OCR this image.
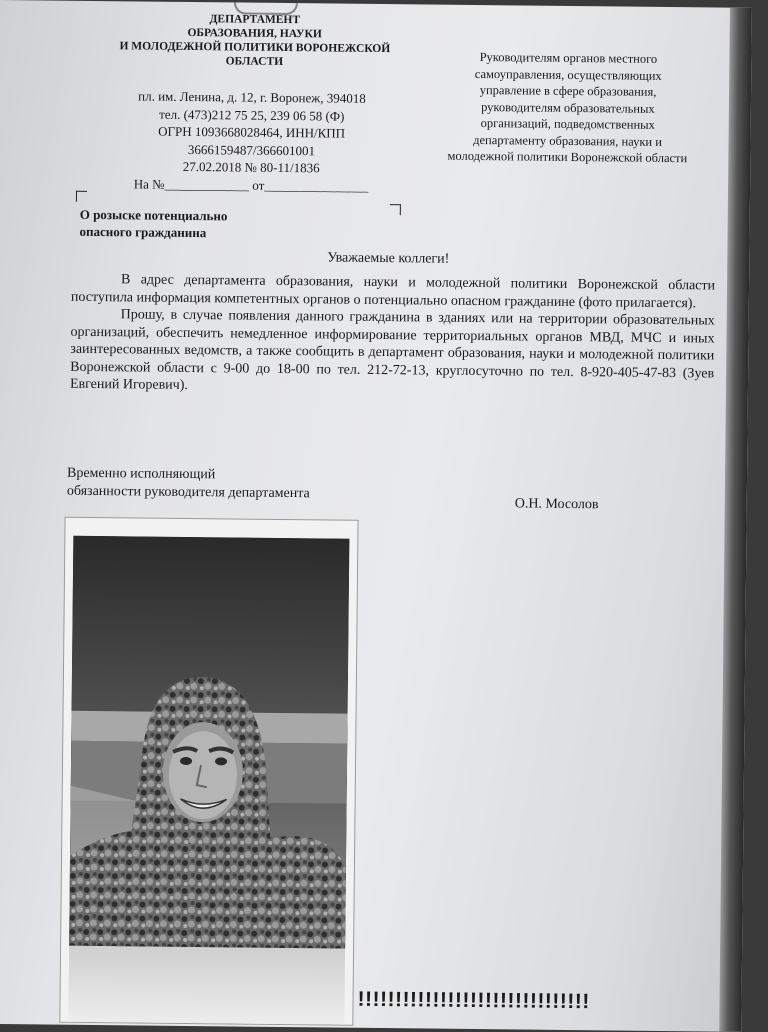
ДЕПАРТАМЕНТ
ОБРАЗОВАНИЯ, НАУКИ
И МОЛОДЕЖНОЙ ПОЛИТИКИ ВОРОНЕЖСКОЙ
ОБЛАСТИ
пл. им. Ленина, д. 12, г. Воронеж, 394018
тел. (473)212 75 25, 239 06 58 (Ф)
ОГРН 1093668028464, ИНН/КПП
3666159487/366601001
27.02.2018 № 80-11/1836
На №_____________ от________________
Руководителям органов местного
самоуправления, осуществляющих
управление в сфере образования,
руководителям образовательных
организаций, подведомственных
департаменту образования, науки и
молодежной политики Воронежской области
О розыске потенциально
опасного гражданина
Уважаемые коллеги!

В адрес департамента образования, науки и молодежной политики Воронежской области поступила информация компетентных органов о потенциально опасном гражданине (фото прилагается).

Прошу, в случае появления данного гражданина в зданиях или на территории образовательных организаций, обеспечить немедленное информирование территориальных органов МВД, МЧС и иных заинтересованных ведомств, а также сообщить в департамент образования, науки и молодежной политики Воронежской области с 9-00 до 18-00 по тел. 212-72-13, круглосуточно по тел. 8-920-405-47-83 (Зуев Евгений Игоревич).

Временно исполняющий
обязанности руководителя департамента
О.Н. Мосолов
!!!!!!!!!!!!!!!!!!!!!!!!!!!!!!!
